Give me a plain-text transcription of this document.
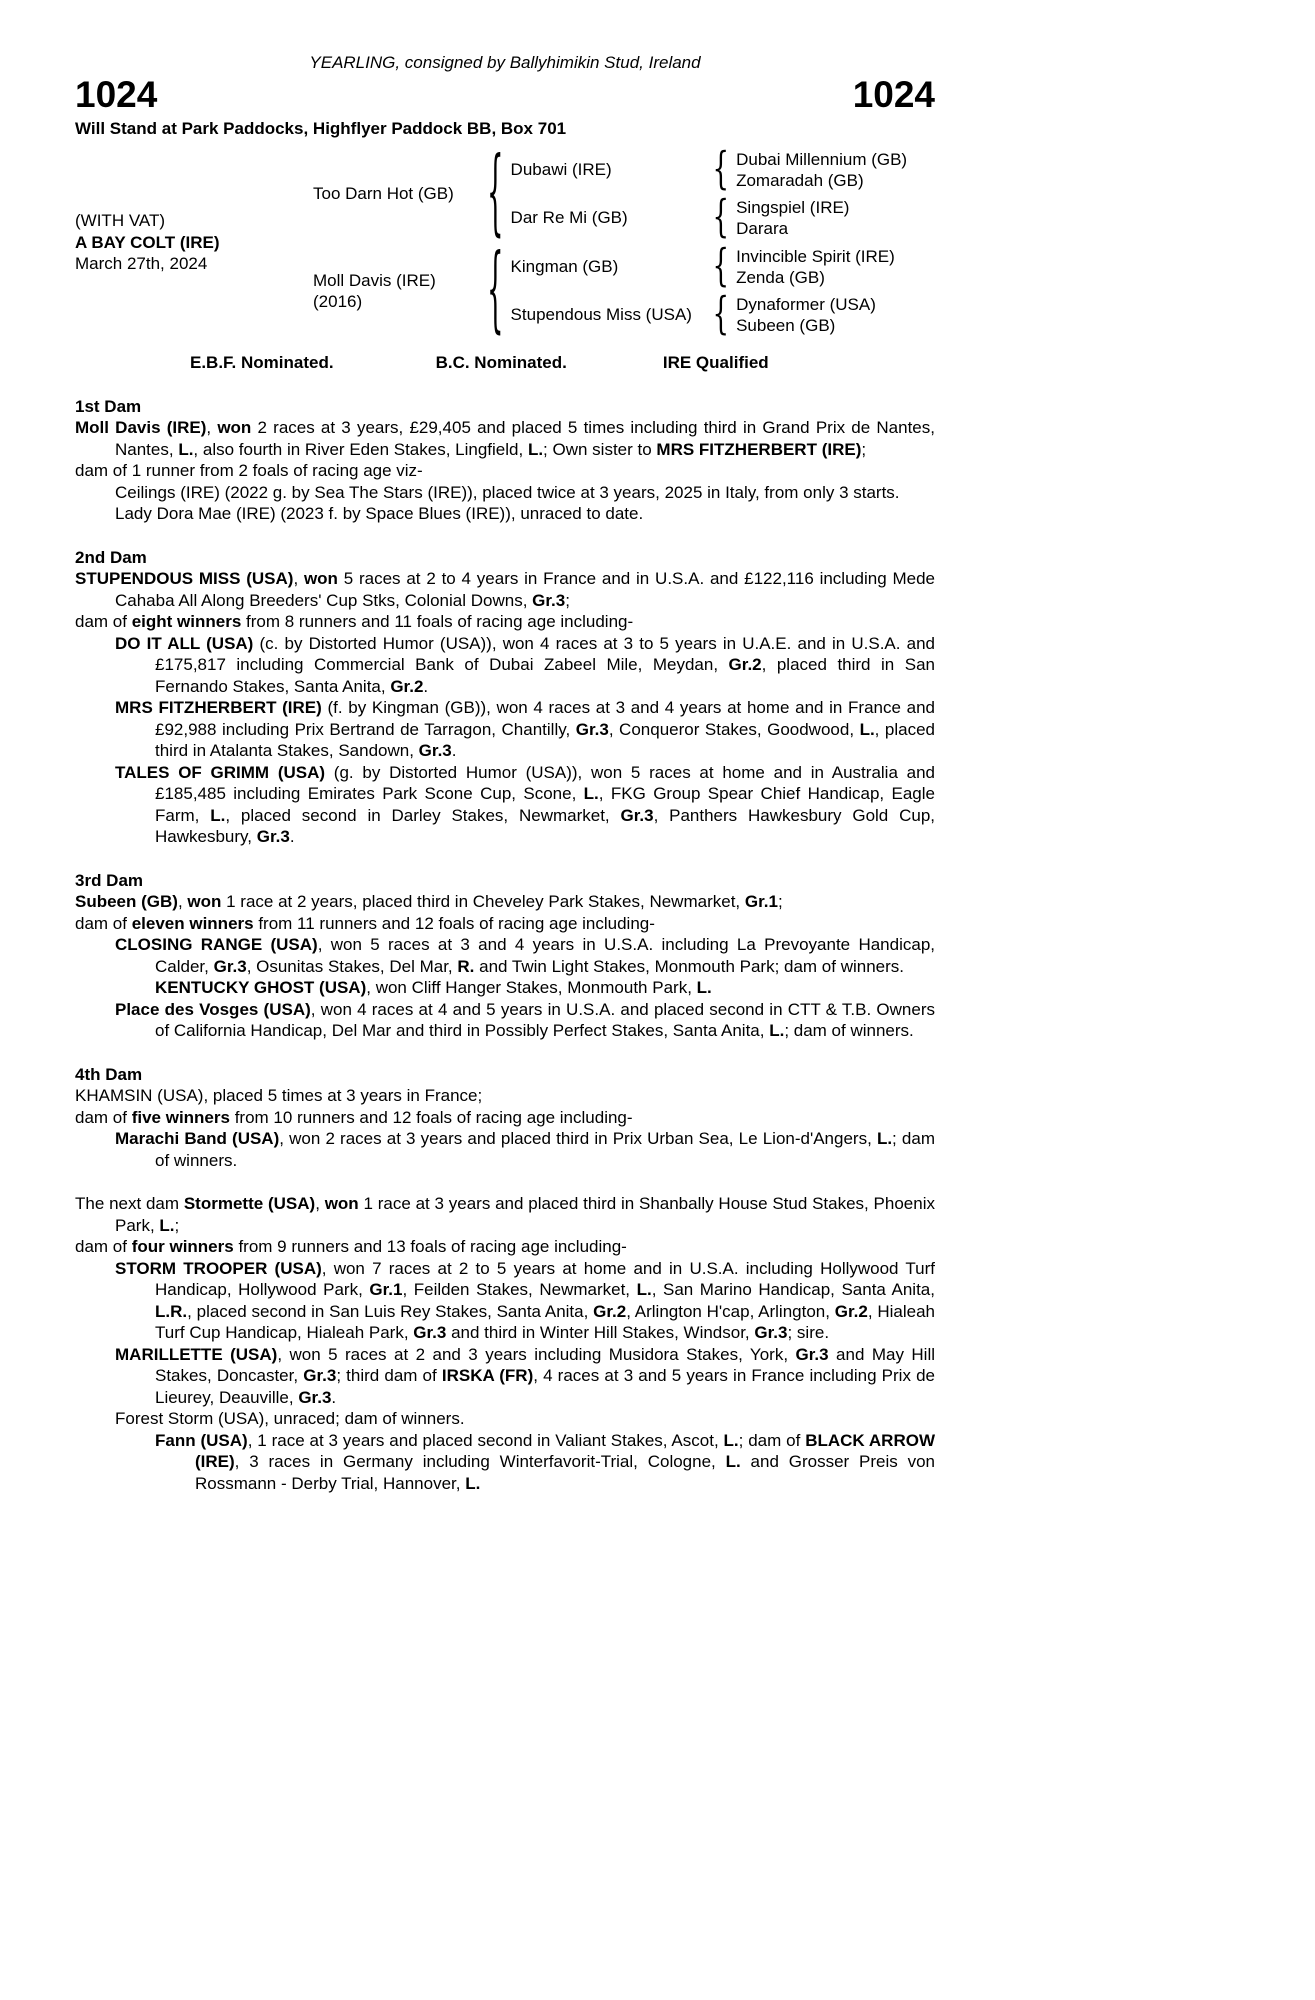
YEARLING, consigned by Ballyhimikin Stud, Ireland
1024	1024
Will Stand at Park Paddocks, Highflyer Paddock BB, Box 701
(WITH VAT)
A BAY COLT (IRE)
March 27th, 2024
Too Darn Hot (GB)	{ Dubawi (IRE)	{ Dubai Millennium (GB)
Zomaradah (GB)
Dar Re Mi (GB)	{ Singspiel (IRE)
Darara
Moll Davis (IRE)
(2016)	{ Kingman (GB)	{ Invincible Spirit (IRE)
Zenda (GB)
Stupendous Miss (USA) { Dynaformer (USA)
Subeen (GB)
E.B.F. Nominated.	B.C. Nominated.	IRE Qualified
1st Dam

Moll Davis (IRE), won 2 races at 3 years, £29,405 and placed 5 times including third in Grand Prix de Nantes, Nantes, L., also fourth in River Eden Stakes, Lingfield, L.; Own sister to MRS FITZHERBERT (IRE);

dam of 1 runner from 2 foals of racing age viz-

Ceilings (IRE) (2022 g. by Sea The Stars (IRE)), placed twice at 3 years, 2025 in Italy, from only 3 starts.

Lady Dora Mae (IRE) (2023 f. by Space Blues (IRE)), unraced to date.

2nd Dam

STUPENDOUS MISS (USA), won 5 races at 2 to 4 years in France and in U.S.A. and £122,116 including Mede Cahaba All Along Breeders' Cup Stks, Colonial Downs, Gr.3;

dam of eight winners from 8 runners and 11 foals of racing age including-

DO IT ALL (USA) (c. by Distorted Humor (USA)), won 4 races at 3 to 5 years in U.A.E. and in U.S.A. and £175,817 including Commercial Bank of Dubai Zabeel Mile, Meydan, Gr.2, placed third in San Fernando Stakes, Santa Anita, Gr.2.

MRS FITZHERBERT (IRE) (f. by Kingman (GB)), won 4 races at 3 and 4 years at home and in France and £92,988 including Prix Bertrand de Tarragon, Chantilly, Gr.3, Conqueror Stakes, Goodwood, L., placed third in Atalanta Stakes, Sandown, Gr.3.

TALES OF GRIMM (USA) (g. by Distorted Humor (USA)), won 5 races at home and in Australia and £185,485 including Emirates Park Scone Cup, Scone, L., FKG Group Spear Chief Handicap, Eagle Farm, L., placed second in Darley Stakes, Newmarket, Gr.3, Panthers Hawkesbury Gold Cup, Hawkesbury, Gr.3.

3rd Dam

Subeen (GB), won 1 race at 2 years, placed third in Cheveley Park Stakes, Newmarket, Gr.1;

dam of eleven winners from 11 runners and 12 foals of racing age including-

CLOSING RANGE (USA), won 5 races at 3 and 4 years in U.S.A. including La Prevoyante Handicap, Calder, Gr.3, Osunitas Stakes, Del Mar, R. and Twin Light Stakes, Monmouth Park; dam of winners.

KENTUCKY GHOST (USA), won Cliff Hanger Stakes, Monmouth Park, L.

Place des Vosges (USA), won 4 races at 4 and 5 years in U.S.A. and placed second in CTT & T.B. Owners of California Handicap, Del Mar and third in Possibly Perfect Stakes, Santa Anita, L.; dam of winners.

4th Dam

KHAMSIN (USA), placed 5 times at 3 years in France;

dam of five winners from 10 runners and 12 foals of racing age including-

Marachi Band (USA), won 2 races at 3 years and placed third in Prix Urban Sea, Le Lion-d'Angers, L.; dam of winners.

The next dam Stormette (USA), won 1 race at 3 years and placed third in Shanbally House Stud Stakes, Phoenix Park, L.;

dam of four winners from 9 runners and 13 foals of racing age including-

STORM TROOPER (USA), won 7 races at 2 to 5 years at home and in U.S.A. including Hollywood Turf Handicap, Hollywood Park, Gr.1, Feilden Stakes, Newmarket, L., San Marino Handicap, Santa Anita, L.R., placed second in San Luis Rey Stakes, Santa Anita, Gr.2, Arlington H'cap, Arlington, Gr.2, Hialeah Turf Cup Handicap, Hialeah Park, Gr.3 and third in Winter Hill Stakes, Windsor, Gr.3; sire.

MARILLETTE (USA), won 5 races at 2 and 3 years including Musidora Stakes, York, Gr.3 and May Hill Stakes, Doncaster, Gr.3; third dam of IRSKA (FR), 4 races at 3 and 5 years in France including Prix de Lieurey, Deauville, Gr.3.

Forest Storm (USA), unraced; dam of winners.

Fann (USA), 1 race at 3 years and placed second in Valiant Stakes, Ascot, L.; dam of BLACK ARROW (IRE), 3 races in Germany including Winterfavorit-Trial, Cologne, L. and Grosser Preis von Rossmann - Derby Trial, Hannover, L.
